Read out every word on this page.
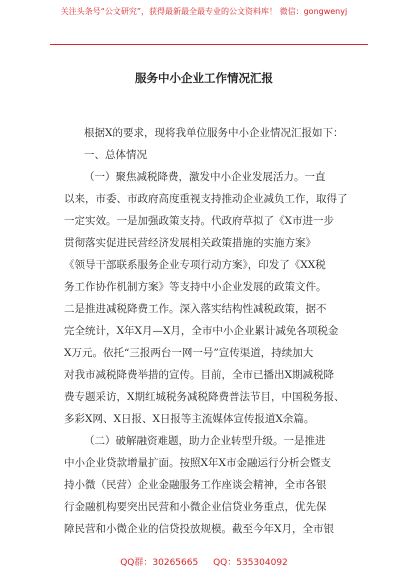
关注头条号“公文研究”，获得最新最全最专业的公文资料库！ 微信：gongwenyj
服务中小企业工作情况汇报

根据X的要求，现将我单位服务中小企业情况汇报如下：

一、总体情况

（一）聚焦减税降费，激发中小企业发展活力。一直

以来，市委、市政府高度重视支持推动企业减负工作，取得了

一定实效。一是加强政策支持。代政府草拟了《X市进一步

贯彻落实促进民营经济发展相关政策措施的实施方案》

《领导干部联系服务企业专项行动方案》，印发了《XX税

务工作协作机制方案》等支持中小企业发展的政策文件。

二是推进减税降费工作。深入落实结构性减税政策，据不

完全统计，X年X月—X月，全市中小企业累计减免各项税金

X万元。依托“三报两台一网一号”宣传渠道，持续加大

对我市减税降费举措的宣传。目前，全市已播出X期减税降

费专题采访，X期红城税务减税降费普法节目，中国税务报、

多彩X网、X日报、X日报等主流媒体宣传报道X余篇。

（二）破解融资难题，助力企业转型升级。一是推进

中小企业贷款增量扩面。按照X年X市金融运行分析会暨支

持小微（民营）企业金融服务工作座谈会精神，全市各银

行金融机构要突出民营和小微企业信贷业务重点，优先保

障民营和小微企业的信贷投放规模。截至今年X月，全市银

QQ群：30265665 QQ：535304092
